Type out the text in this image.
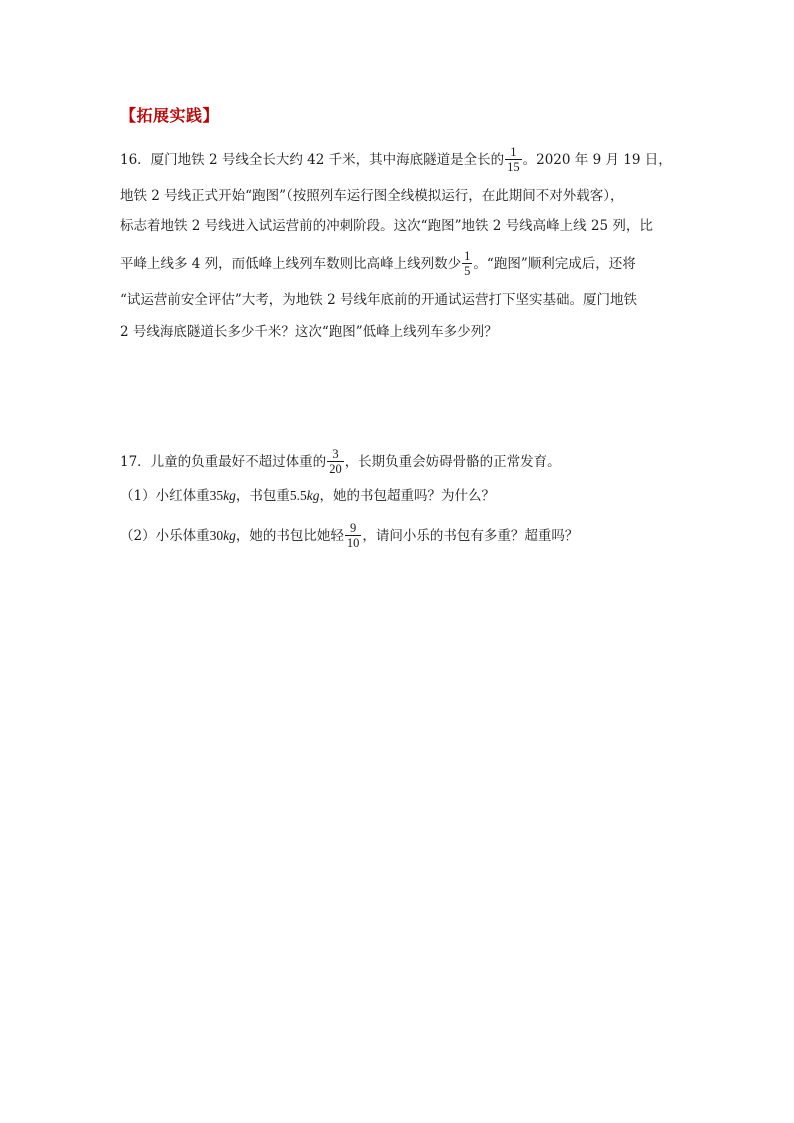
【拓展实践】
16．厦门地铁 2 号线全长大约 42 千米，其中海底隧道是全长的 $\frac{1}{15}$ 。2020 年 9 月 19 日，
地铁 2 号线正式开始“跑图”（按照列车运行图全线模拟运行，在此期间不对外载客），
标志着地铁 2 号线进入试运营前的冲刺阶段。这次“跑图”地铁 2 号线高峰上线 25 列，比
平峰上线多 4 列，而低峰上线列车数则比高峰上线列数少 $\frac{1}{5}$ 。“跑图”顺利完成后，还将
“试运营前安全评估”大考，为地铁 2 号线年底前的开通试运营打下坚实基础。厦门地铁
2 号线海底隧道长多少千米？这次“跑图”低峰上线列车多少列？
17．儿童的负重最好不超过体重的 $\frac{3}{20}$ ，长期负重会妨碍骨骼的正常发育。
（1）小红体重35kg，书包重5.5kg，她的书包超重吗？为什么？
（2）小乐体重30kg，她的书包比她轻 $\frac{9}{10}$ ，请问小乐的书包有多重？超重吗？
